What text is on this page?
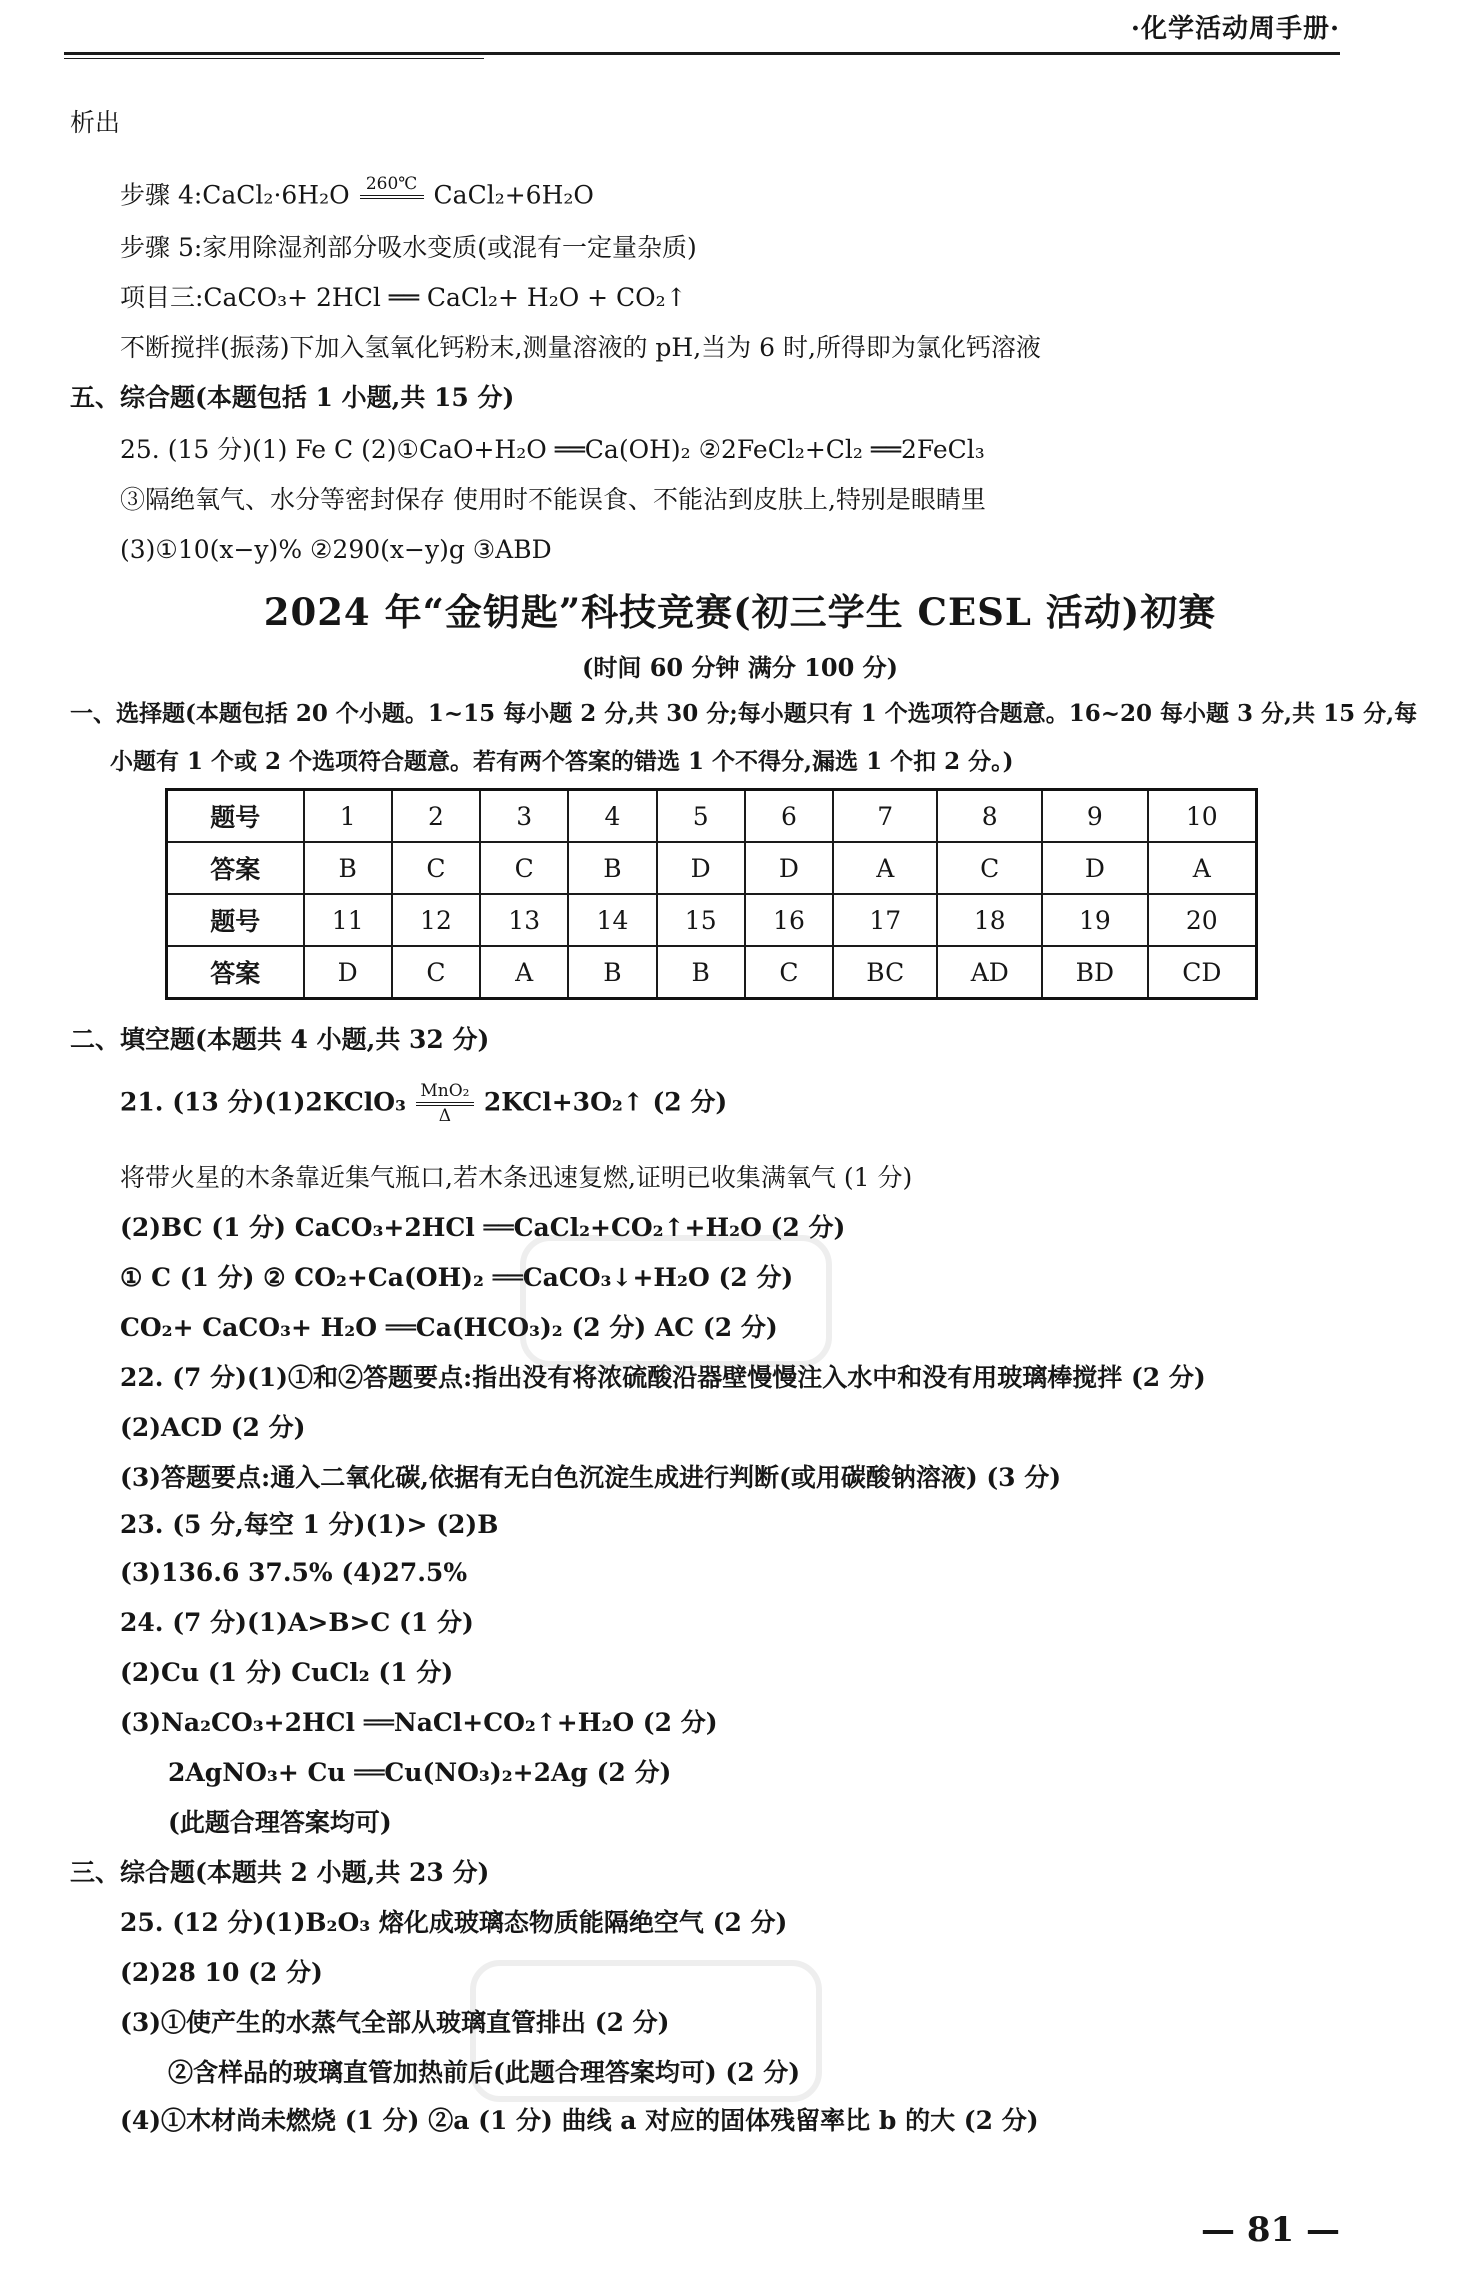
·化学活动周手册·
析出
步骤 4:CaCl₂·6H₂O 260℃
CaCl₂+6H₂O
步骤 5:家用除湿剂部分吸水变质(或混有一定量杂质)
项目三:CaCO₃+ 2HCl ══ CaCl₂+ H₂O + CO₂↑
不断搅拌(振荡)下加入氢氧化钙粉末,测量溶液的 pH,当为 6 时,所得即为氯化钙溶液
五、综合题(本题包括 1 小题,共 15 分)
25. (15 分)(1) Fe C (2)①CaO+H₂O ══Ca(OH)₂ ②2FeCl₂+Cl₂ ══2FeCl₃
③隔绝氧气、水分等密封保存 使用时不能误食、不能沾到皮肤上,特别是眼睛里
(3)①10(x−y)% ②290(x−y)g ③ABD
2024 年“金钥匙”科技竞赛(初三学生 CESL 活动)初赛
(时间 60 分钟 满分 100 分)
一、选择题(本题包括 20 个小题。1~15 每小题 2 分,共 30 分;每小题只有 1 个选项符合题意。16~20 每小题 3 分,共 15 分,每
小题有 1 个或 2 个选项符合题意。若有两个答案的错选 1 个不得分,漏选 1 个扣 2 分。)
题号	1	2	3	4	5	6	7	8	9	10
答案	B	C	C	B	D	D	A	C	D	A
题号	11	12	13	14	15	16	17	18	19	20
答案	D	C	A	B	B	C	BC	AD	BD	CD
二、填空题(本题共 4 小题,共 32 分)
21. (13 分)(1)2KClO₃ $\frac{\text{MnO₂}}{\Delta}$ 2KCl+3O₂↑ (2 分)
将带火星的木条靠近集气瓶口,若木条迅速复燃,证明已收集满氧气 (1 分)
(2)BC (1 分) CaCO₃+2HCl ══CaCl₂+CO₂↑+H₂O (2 分)
① C (1 分) ② CO₂+Ca(OH)₂ ══CaCO₃↓+H₂O (2 分)
CO₂+ CaCO₃+ H₂O ══Ca(HCO₃)₂ (2 分) AC (2 分)
22. (7 分)(1)①和②答题要点:指出没有将浓硫酸沿器壁慢慢注入水中和没有用玻璃棒搅拌 (2 分)
(2)ACD (2 分)
(3)答题要点:通入二氧化碳,依据有无白色沉淀生成进行判断(或用碳酸钠溶液) (3 分)
23. (5 分,每空 1 分)(1)> (2)B
(3)136.6 37.5% (4)27.5%
24. (7 分)(1)A>B>C (1 分)
(2)Cu (1 分) CuCl₂ (1 分)
(3)Na₂CO₃+2HCl ══NaCl+CO₂↑+H₂O (2 分)
2AgNO₃+ Cu ══Cu(NO₃)₂+2Ag (2 分)
(此题合理答案均可)
三、综合题(本题共 2 小题,共 23 分)
25. (12 分)(1)B₂O₃ 熔化成玻璃态物质能隔绝空气 (2 分)
(2)28 10 (2 分)
(3)①使产生的水蒸气全部从玻璃直管排出 (2 分)
②含样品的玻璃直管加热前后(此题合理答案均可) (2 分)
(4)①木材尚未燃烧 (1 分) ②a (1 分) 曲线 a 对应的固体残留率比 b 的大 (2 分)
— 81 —
